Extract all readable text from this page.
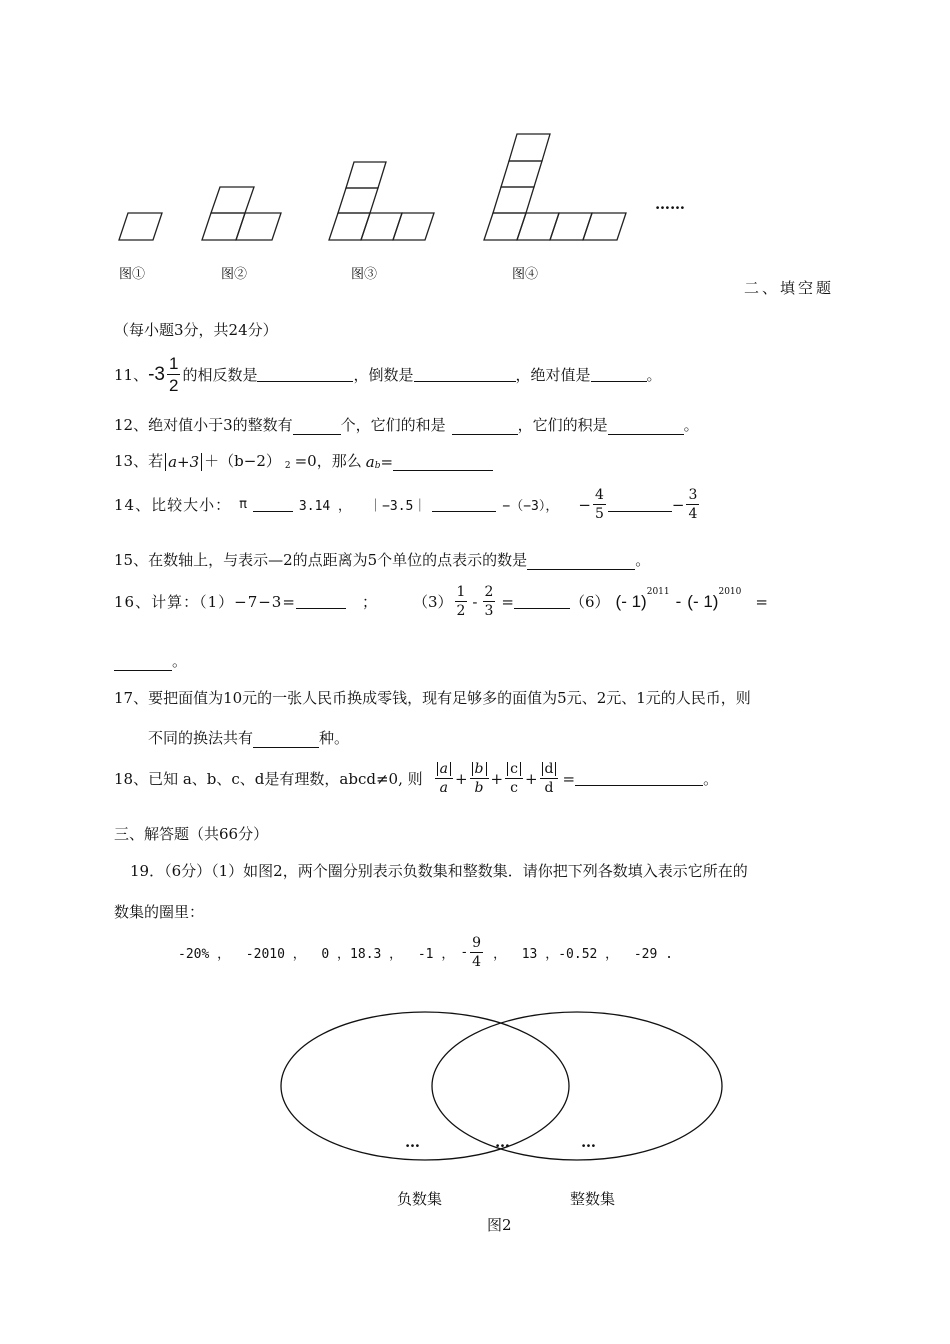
……
图①	图②	图③	图④
二、填空题
（每小题3分，共24分）
11、 $-3 \frac{1}{2}$ 的相反数是	，倒数是	，绝对值是	。
12、绝对值小于3的整数有	个，它们的和是	，它们的积是	。
13、若 a+3 ＋（b−2） 2 =0，那么 a b =
14、比较大小： π	3.14 ， ｜−3.5｜	−（−3）， − $\frac{4}{5}$	− $\frac{3}{4}$
15、在数轴上，与表示—2的点距离为5个单位的点表示的数是	。
16、计算：（1）−7−3=	； $(3) \frac{1}{2} - \frac{2}{3}$ =	（6） (- 1) 2011 - (- 1) 2010
=
。
17、要把面值为10元的一张人民币换成零钱，现有足够多的面值为5元、2元、1元的人民币，则
不同的换法共有	种。
18、已知 a、b、c、d是有理数，abcd≠0, 则 $\frac{a}{a} + \frac{b}{b} + \frac{c}{c} + \frac{d}{d}$ =	。
三、解答题（共66分）
19．（6分）（1）如图2，两个圈分别表示负数集和整数集．请你把下列各数填入表示它所在的
数集的圈里：
-20% ，  -2010 ，  0 ，18.3 ，  -1 ， - $\frac{9}{4}$ ，  13 ，-0.52 ，  -29 .
…	…	…
负数集	整数集
图2
